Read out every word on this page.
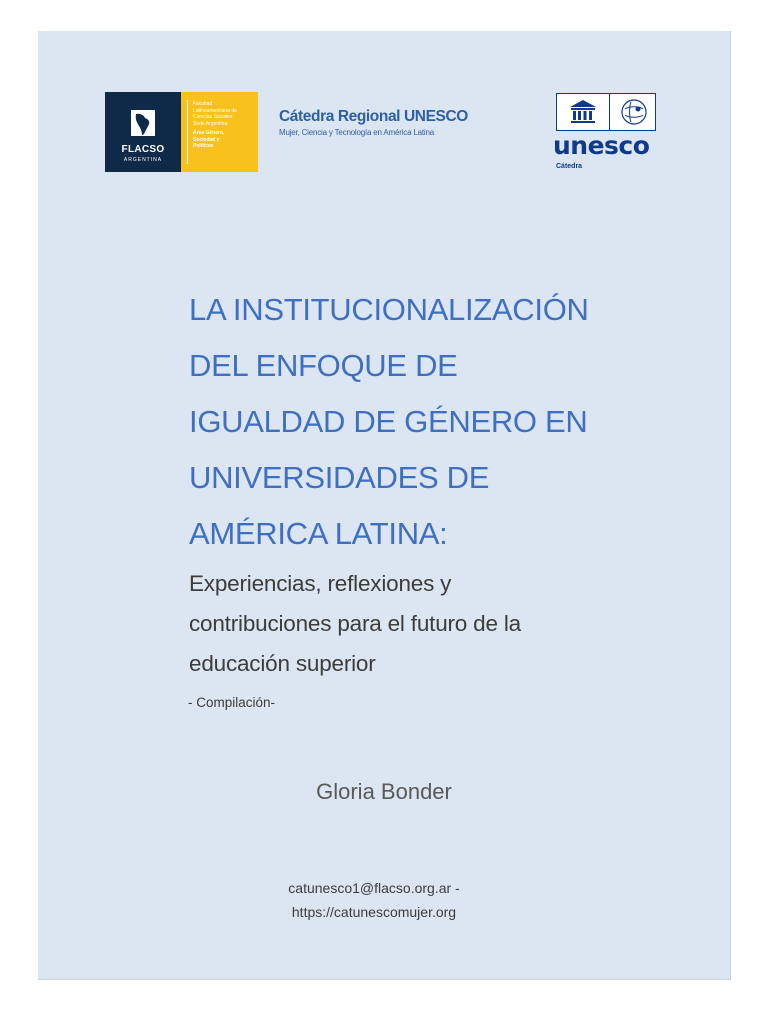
FLACSO
ARGENTINA
Facultad
Latinoamericana de
Ciencias Sociales
Sede Argentina.
Área Género,
Sociedad y
Políticas
Cátedra Regional UNESCO
Mujer, Ciencia y Tecnología en América Latina	unesco
Cátedra
LA INSTITUCIONALIZACIÓN
DEL ENFOQUE DE
IGUALDAD DE GÉNERO EN
UNIVERSIDADES DE
AMÉRICA LATINA:
Experiencias, reflexiones y
contribuciones para el futuro de la
educación superior
- Compilación-
Gloria Bonder
catunesco1@flacso.org.ar -
https://catunescomujer.org
